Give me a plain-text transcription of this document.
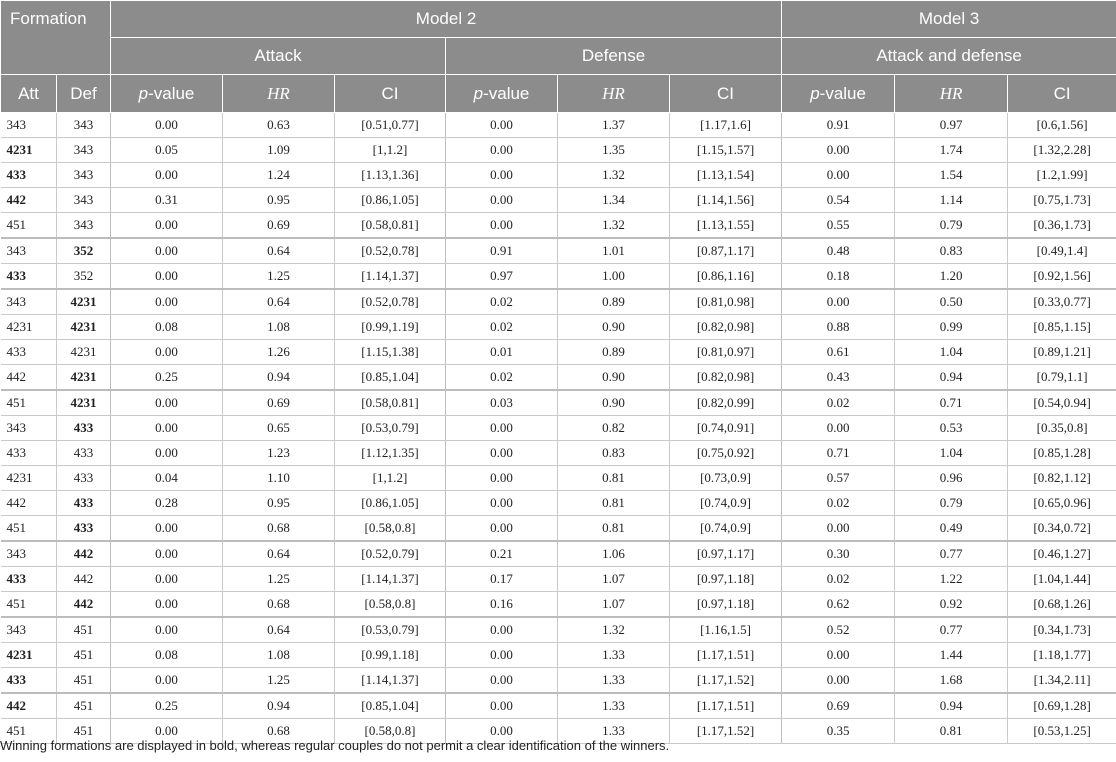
Formation		Model 2						Model 3		
		Attack			Defense			Attack and defense		
Att	Def	p-value	HR	CI	p-value	HR	CI	p-value	HR	CI
343	343	0.00	0.63	[0.51,0.77]	0.00	1.37	[1.17,1.6]	0.91	0.97	[0.6,1.56]
4231	343	0.05	1.09	[1,1.2]	0.00	1.35	[1.15,1.57]	0.00	1.74	[1.32,2.28]
433	343	0.00	1.24	[1.13,1.36]	0.00	1.32	[1.13,1.54]	0.00	1.54	[1.2,1.99]
442	343	0.31	0.95	[0.86,1.05]	0.00	1.34	[1.14,1.56]	0.54	1.14	[0.75,1.73]
451	343	0.00	0.69	[0.58,0.81]	0.00	1.32	[1.13,1.55]	0.55	0.79	[0.36,1.73]
343	352	0.00	0.64	[0.52,0.78]	0.91	1.01	[0.87,1.17]	0.48	0.83	[0.49,1.4]
433	352	0.00	1.25	[1.14,1.37]	0.97	1.00	[0.86,1.16]	0.18	1.20	[0.92,1.56]
343	4231	0.00	0.64	[0.52,0.78]	0.02	0.89	[0.81,0.98]	0.00	0.50	[0.33,0.77]
4231	4231	0.08	1.08	[0.99,1.19]	0.02	0.90	[0.82,0.98]	0.88	0.99	[0.85,1.15]
433	4231	0.00	1.26	[1.15,1.38]	0.01	0.89	[0.81,0.97]	0.61	1.04	[0.89,1.21]
442	4231	0.25	0.94	[0.85,1.04]	0.02	0.90	[0.82,0.98]	0.43	0.94	[0.79,1.1]
451	4231	0.00	0.69	[0.58,0.81]	0.03	0.90	[0.82,0.99]	0.02	0.71	[0.54,0.94]
343	433	0.00	0.65	[0.53,0.79]	0.00	0.82	[0.74,0.91]	0.00	0.53	[0.35,0.8]
433	433	0.00	1.23	[1.12,1.35]	0.00	0.83	[0.75,0.92]	0.71	1.04	[0.85,1.28]
4231	433	0.04	1.10	[1,1.2]	0.00	0.81	[0.73,0.9]	0.57	0.96	[0.82,1.12]
442	433	0.28	0.95	[0.86,1.05]	0.00	0.81	[0.74,0.9]	0.02	0.79	[0.65,0.96]
451	433	0.00	0.68	[0.58,0.8]	0.00	0.81	[0.74,0.9]	0.00	0.49	[0.34,0.72]
343	442	0.00	0.64	[0.52,0.79]	0.21	1.06	[0.97,1.17]	0.30	0.77	[0.46,1.27]
433	442	0.00	1.25	[1.14,1.37]	0.17	1.07	[0.97,1.18]	0.02	1.22	[1.04,1.44]
451	442	0.00	0.68	[0.58,0.8]	0.16	1.07	[0.97,1.18]	0.62	0.92	[0.68,1.26]
343	451	0.00	0.64	[0.53,0.79]	0.00	1.32	[1.16,1.5]	0.52	0.77	[0.34,1.73]
4231	451	0.08	1.08	[0.99,1.18]	0.00	1.33	[1.17,1.51]	0.00	1.44	[1.18,1.77]
433	451	0.00	1.25	[1.14,1.37]	0.00	1.33	[1.17,1.52]	0.00	1.68	[1.34,2.11]
442	451	0.25	0.94	[0.85,1.04]	0.00	1.33	[1.17,1.51]	0.69	0.94	[0.69,1.28]
451	451	0.00	0.68	[0.58,0.8]	0.00	1.33	[1.17,1.52]	0.35	0.81	[0.53,1.25]
Winning formations are displayed in bold, whereas regular couples do not permit a clear identification of the winners.
